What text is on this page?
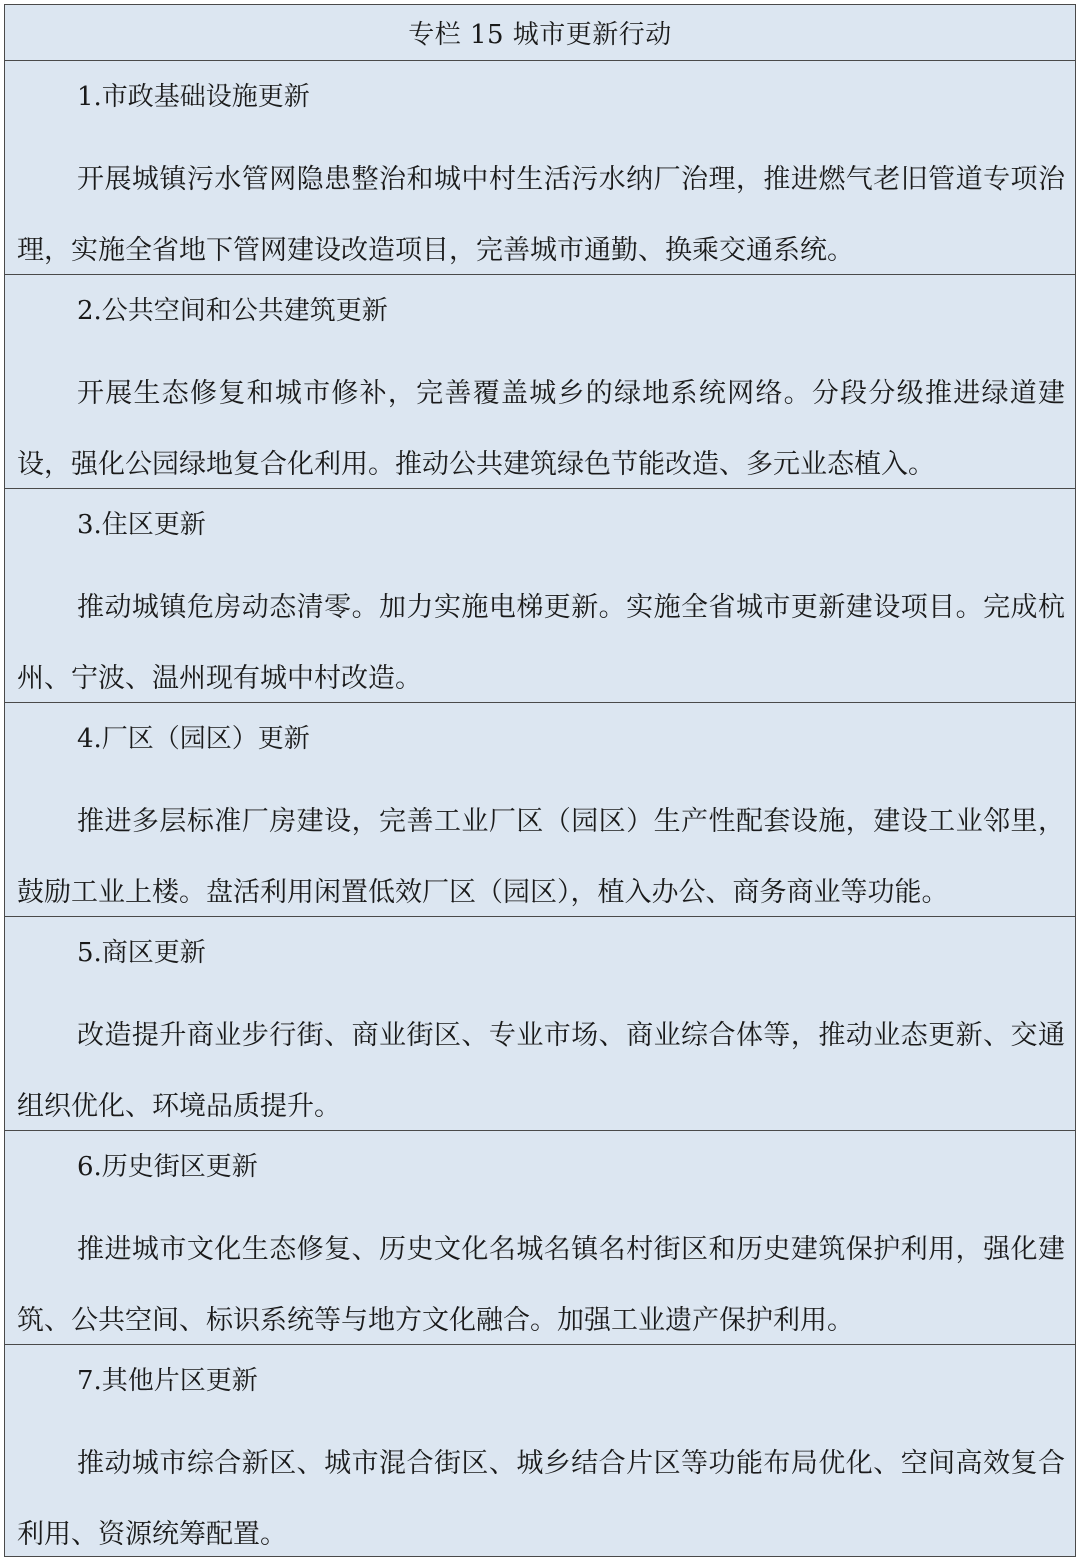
专栏 15 城市更新行动
1.市政基础设施更新
开展城镇污水管网隐患整治和城中村生活污水纳厂治理，推进燃气老旧管道专项治理，实施全省地下管网建设改造项目，完善城市通勤、换乘交通系统。
2.公共空间和公共建筑更新
开展生态修复和城市修补，完善覆盖城乡的绿地系统网络。分段分级推进绿道建设，强化公园绿地复合化利用。推动公共建筑绿色节能改造、多元业态植入。
3.住区更新
推动城镇危房动态清零。加力实施电梯更新。实施全省城市更新建设项目。完成杭州、宁波、温州现有城中村改造。
4.厂区（园区）更新
推进多层标准厂房建设，完善工业厂区（园区）生产性配套设施，建设工业邻里，鼓励工业上楼。盘活利用闲置低效厂区（园区），植入办公、商务商业等功能。
5.商区更新
改造提升商业步行街、商业街区、专业市场、商业综合体等，推动业态更新、交通组织优化、环境品质提升。
6.历史街区更新
推进城市文化生态修复、历史文化名城名镇名村街区和历史建筑保护利用，强化建筑、公共空间、标识系统等与地方文化融合。加强工业遗产保护利用。
7.其他片区更新
推动城市综合新区、城市混合街区、城乡结合片区等功能布局优化、空间高效复合利用、资源统筹配置。
